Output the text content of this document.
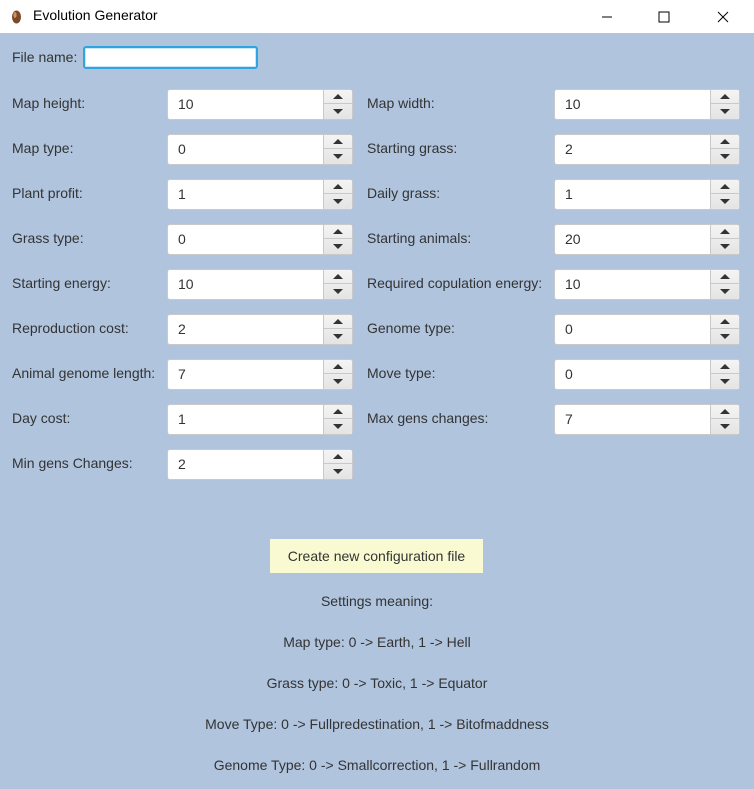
Evolution Generator
File name:
Map height:	10
Map type:	0
Plant profit:	1
Grass type:	0
Starting energy:	10
Reproduction cost:	2
Animal genome length: 7
Day cost:	1
Min gens Changes:	2
Map width:	10
Starting grass:	2
Daily grass:	1
Starting animals:	20
Required copulation energy: 10
Genome type:	0
Move type:	0
Max gens changes:	7
Create new configuration file
Settings meaning:
Map type: 0 -> Earth, 1 -> Hell
Grass type: 0 -> Toxic, 1 -> Equator
Move Type: 0 -> Fullpredestination, 1 -> Bitofmaddness
Genome Type: 0 -> Smallcorrection, 1 -> Fullrandom
